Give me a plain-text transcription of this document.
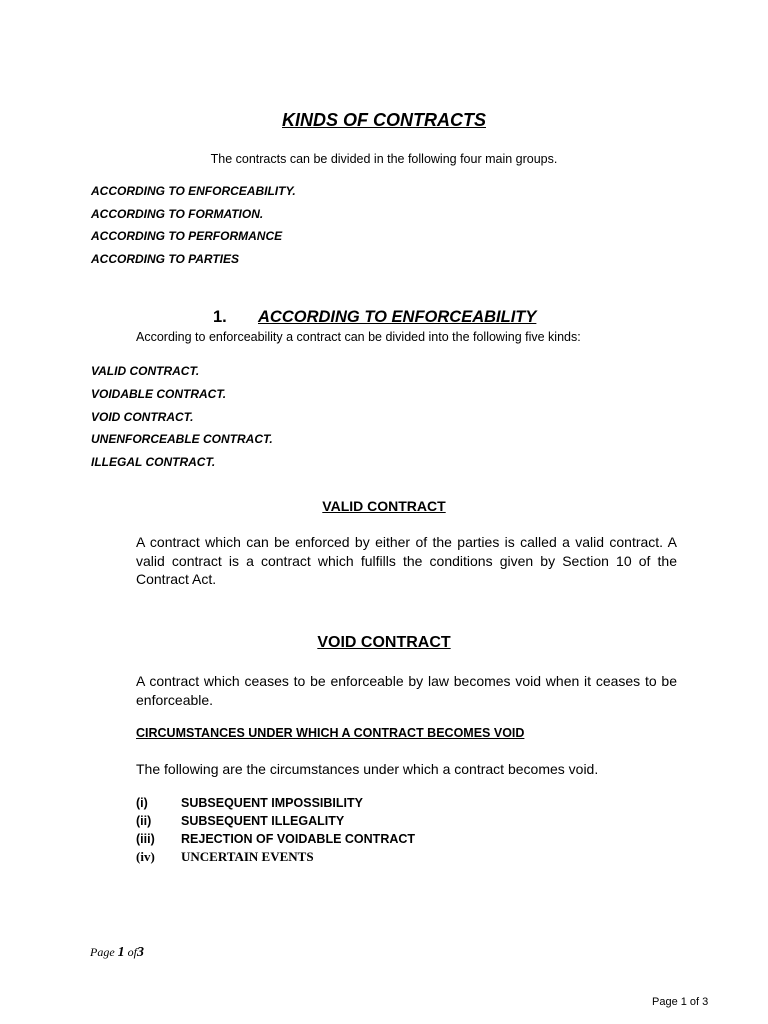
KINDS OF CONTRACTS

The contracts can be divided in the following four main groups.

ACCORDING TO ENFORCEABILITY.
ACCORDING TO FORMATION.
ACCORDING TO PERFORMANCE
ACCORDING TO PARTIES
1. ACCORDING TO ENFORCEABILITY

According to enforceability a contract can be divided into the following five kinds:

VALID CONTRACT.
VOIDABLE CONTRACT.
VOID CONTRACT.
UNENFORCEABLE CONTRACT.
ILLEGAL CONTRACT.
VALID CONTRACT

A contract which can be enforced by either of the parties is called a valid contract. A valid contract is a contract which fulfills the conditions given by Section 10 of the Contract Act.

VOID CONTRACT

A contract which ceases to be enforceable by law becomes void when it ceases to be enforceable.

CIRCUMSTANCES UNDER WHICH A CONTRACT BECOMES VOID

The following are the circumstances under which a contract becomes void.

(i)	SUBSEQUENT IMPOSSIBILITY
(ii) SUBSEQUENT ILLEGALITY
(iii) REJECTION OF VOIDABLE CONTRACT
(iv) UNCERTAIN EVENTS
Page 1 of3
Page 1 of 3
